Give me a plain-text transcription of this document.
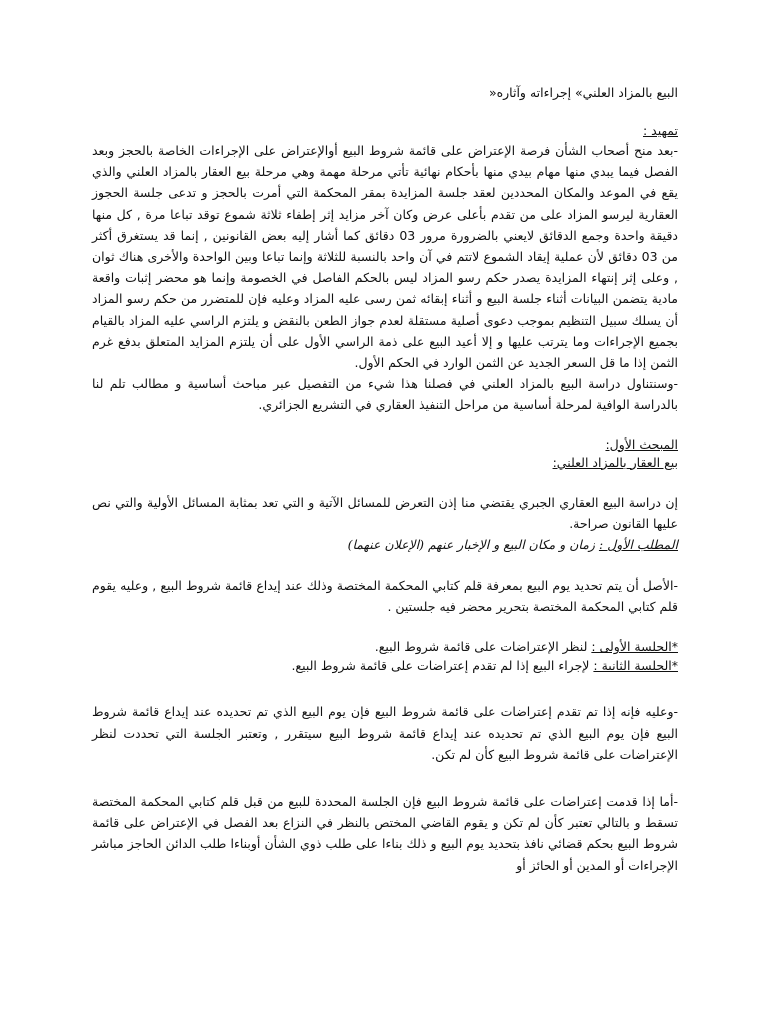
البيع بالمزاد العلني» إجراءاته وآثاره«

تمهيد :

-بعد منح أصحاب الشأن فرصة الإعتراض على قائمة شروط البيع أوالإعتراض على الإجراءات الخاصة بالحجز وبعد الفصل فيما يبدي منها مهام بيدي منها بأحكام نهائية تأتي مرحلة مهمة وهي مرحلة بيع العقار بالمزاد العلني والذي يقع في الموعد والمكان المحددين لعقد جلسة المزايدة بمقر المحكمة التي أمرت بالحجز و تدعى جلسة الحجوز العقارية ليرسو المزاد على من تقدم بأعلى عرض وكان آخر مزايد إثر إطفاء ثلاثة شموع توقد تباعا مرة , كل منها دقيقة واحدة وجمع الدقائق لايعني بالضرورة مرور 03 دقائق كما أشار إليه بعض القانونين , إنما قد يستغرق أكثر من 03 دقائق لأن عملية إيقاد الشموع لاتتم في آن واحد بالنسبة للثلاثة وإنما تباعا وبين الواحدة والأخرى هناك ثوان , وعلى إثر إنتهاء المزايدة يصدر حكم رسو المزاد ليس بالحكم الفاصل في الخصومة وإنما هو محضر إثبات واقعة مادية يتضمن البيانات أثناء جلسة البيع و أثناء إبقائه ثمن رسى عليه المزاد وعليه فإن للمتضرر من حكم رسو المزاد أن يسلك سبيل التنظيم بموجب دعوى أصلية مستقلة لعدم جواز الطعن بالنقض و يلتزم الراسي عليه المزاد بالقيام بجميع الإجراءات وما يترتب عليها و إلا أعيد البيع على ذمة الراسي الأول على أن يلتزم المزايد المتعلق بدفع غرم الثمن إذا ما قل السعر الجديد عن الثمن الوارد في الحكم الأول.

-وسنتناول دراسة البيع بالمزاد العلني في فصلنا هذا شيء من التفصيل عبر مباحث أساسية و مطالب تلم لنا بالدراسة الوافية لمرحلة أساسية من مراحل التنفيذ العقاري في التشريع الجزائري.

المبحث الأول:

بيع العقار بالمزاد العلني:

إن دراسة البيع العقاري الجبري يقتضي منا إذن التعرض للمسائل الآتية و التي تعد بمثابة المسائل الأولية والتي نص عليها القانون صراحة.

المطلب الأول : زمان و مكان البيع و الإخبار عنهم (الإعلان عنهما)

-الأصل أن يتم تحديد يوم البيع بمعرفة قلم كتابي المحكمة المختصة وذلك عند إيداع قائمة شروط البيع , وعليه يقوم قلم كتابي المحكمة المختصة بتحرير محضر فيه جلستين .

*الجلسة الأولى : لنظر الإعتراضات على قائمة شروط البيع.

*الجلسة الثانية : لإجراء البيع إذا لم تقدم إعتراضات على قائمة شروط البيع.

-وعليه فإنه إذا تم تقدم إعتراضات على قائمة شروط البيع فإن يوم البيع الذي تم تحديده عند إيداع قائمة شروط البيع فإن يوم البيع الذي تم تحديده عند إيداع قائمة شروط البيع سيتقرر , وتعتبر الجلسة التي تحددت لنظر الإعتراضات على قائمة شروط البيع كأن لم تكن.

-أما إذا قدمت إعتراضات على قائمة شروط البيع فإن الجلسة المحددة للبيع من قبل قلم كتابي المحكمة المختصة تسقط و بالتالي تعتبر كأن لم تكن و يقوم القاضي المختص بالنظر في النزاع بعد الفصل في الإعتراض على قائمة شروط البيع بحكم قضائي نافذ بتحديد يوم البيع و ذلك بناءا على طلب ذوي الشأن أوبناءا طلب الدائن الحاجز مباشر الإجراءات أو المدين أو الحائز أو
